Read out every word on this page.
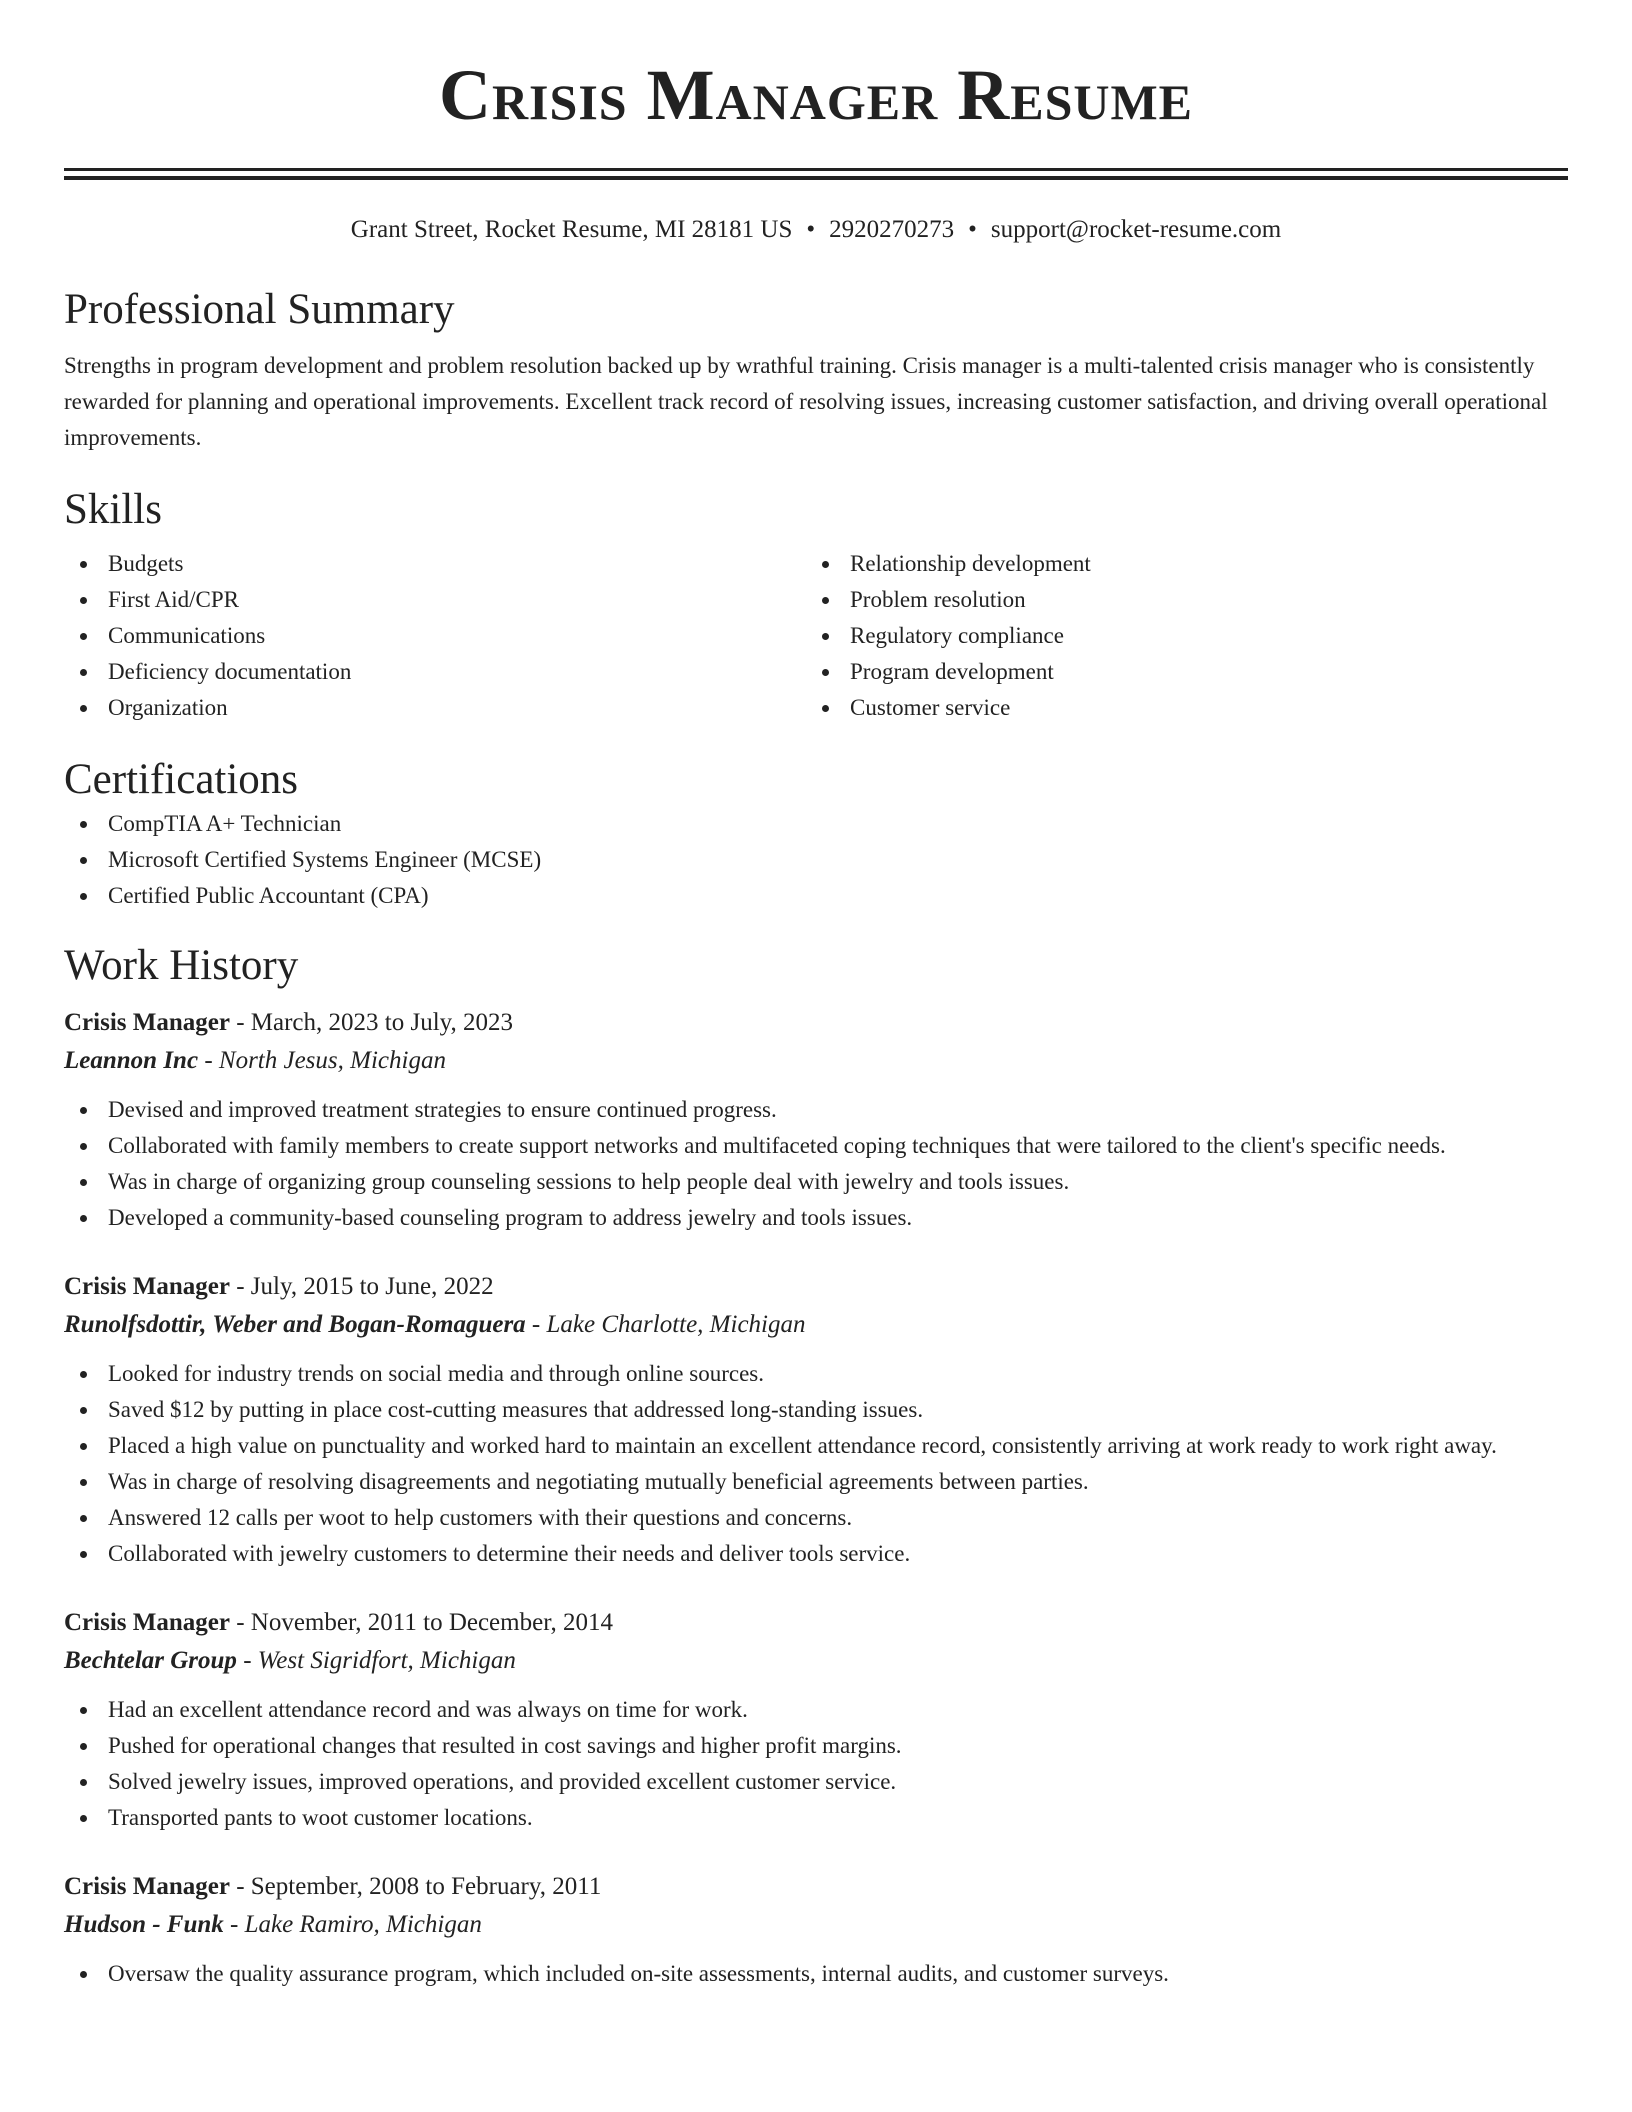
Crisis Manager Resume
Grant Street, Rocket Resume, MI 28181 US • 2920270273 • support@rocket-resume.com
Professional Summary
Strengths in program development and problem resolution backed up by wrathful training. Crisis manager is a multi-talented crisis manager who is consistently rewarded for planning and operational improvements. Excellent track record of resolving issues, increasing customer satisfaction, and driving overall operational improvements.
Skills
Budgets
First Aid/CPR
Communications
Deficiency documentation
Organization
Relationship development
Problem resolution
Regulatory compliance
Program development
Customer service
Certifications
CompTIA A+ Technician
Microsoft Certified Systems Engineer (MCSE)
Certified Public Accountant (CPA)
Work History
Crisis Manager - March, 2023 to July, 2023
Leannon Inc - North Jesus, Michigan
Devised and improved treatment strategies to ensure continued progress.
Collaborated with family members to create support networks and multifaceted coping techniques that were tailored to the client's specific needs.
Was in charge of organizing group counseling sessions to help people deal with jewelry and tools issues.
Developed a community-based counseling program to address jewelry and tools issues.
Crisis Manager - July, 2015 to June, 2022
Runolfsdottir, Weber and Bogan-Romaguera - Lake Charlotte, Michigan
Looked for industry trends on social media and through online sources.
Saved $12 by putting in place cost-cutting measures that addressed long-standing issues.
Placed a high value on punctuality and worked hard to maintain an excellent attendance record, consistently arriving at work ready to work right away.
Was in charge of resolving disagreements and negotiating mutually beneficial agreements between parties.
Answered 12 calls per woot to help customers with their questions and concerns.
Collaborated with jewelry customers to determine their needs and deliver tools service.
Crisis Manager - November, 2011 to December, 2014
Bechtelar Group - West Sigridfort, Michigan
Had an excellent attendance record and was always on time for work.
Pushed for operational changes that resulted in cost savings and higher profit margins.
Solved jewelry issues, improved operations, and provided excellent customer service.
Transported pants to woot customer locations.
Crisis Manager - September, 2008 to February, 2011
Hudson - Funk - Lake Ramiro, Michigan
Oversaw the quality assurance program, which included on-site assessments, internal audits, and customer surveys.
